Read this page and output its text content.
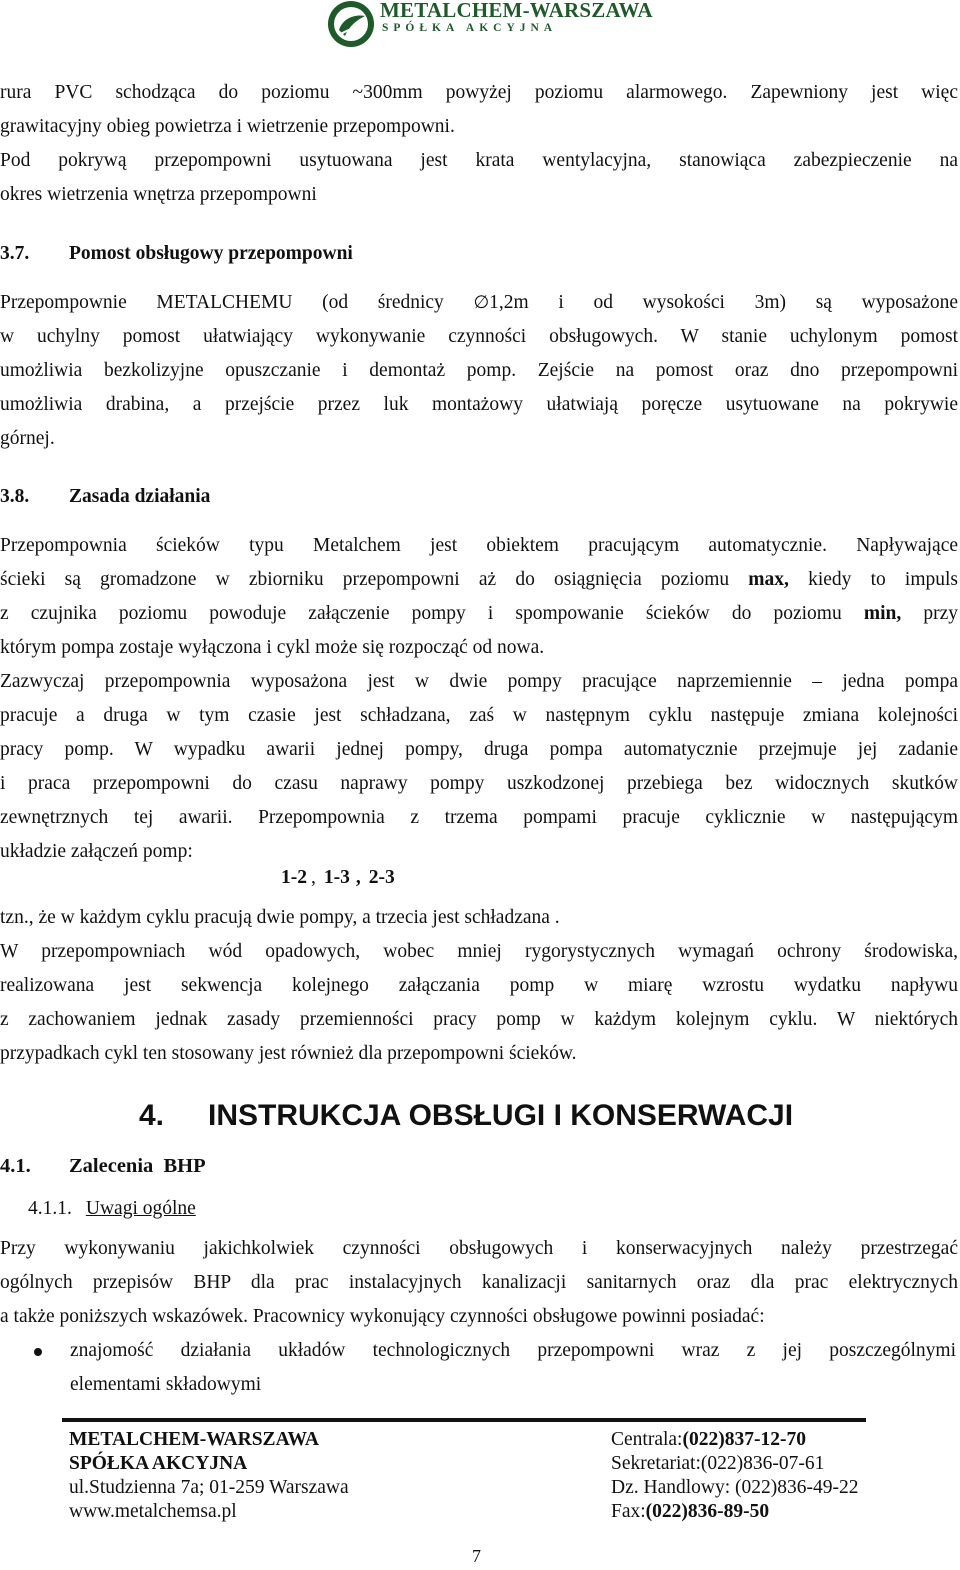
METALCHEM-WARSZAWA
SPÓŁKA AKCYJNA

rura PVC schodząca do poziomu ~300mm powyżej poziomu alarmowego. Zapewniony jest więc

grawitacyjny obieg powietrza i wietrzenie przepompowni.

Pod pokrywą przepompowni usytuowana jest krata wentylacyjna, stanowiąca zabezpieczenie na

okres wietrzenia wnętrza przepompowni

3.7. Pomost obsługowy przepompowni

Przepompownie METALCHEMU (od średnicy ∅1,2m i od wysokości 3m) są wyposażone

w uchylny pomost ułatwiający wykonywanie czynności obsługowych. W stanie uchylonym pomost

umożliwia bezkolizyjne opuszczanie i demontaż pomp. Zejście na pomost oraz dno przepompowni

umożliwia drabina, a przejście przez luk montażowy ułatwiają poręcze usytuowane na pokrywie

górnej.

3.8. Zasada działania

Przepompownia ścieków typu Metalchem jest obiektem pracującym automatycznie. Napływające

ścieki są gromadzone w zbiorniku przepompowni aż do osiągnięcia poziomu max, kiedy to impuls

z czujnika poziomu powoduje załączenie pompy i spompowanie ścieków do poziomu min, przy

którym pompa zostaje wyłączona i cykl może się rozpocząć od nowa.

Zazwyczaj przepompownia wyposażona jest w dwie pompy pracujące naprzemiennie – jedna pompa

pracuje a druga w tym czasie jest schładzana, zaś w następnym cyklu następuje zmiana kolejności

pracy pomp. W wypadku awarii jednej pompy, druga pompa automatycznie przejmuje jej zadanie

i praca przepompowni do czasu naprawy pompy uszkodzonej przebiega bez widocznych skutków

zewnętrznych tej awarii. Przepompownia z trzema pompami pracuje cyklicznie w następującym

układzie załączeń pomp:

1-2 , 1-3 , 2-3

tzn., że w każdym cyklu pracują dwie pompy, a trzecia jest schładzana .

W przepompowniach wód opadowych, wobec mniej rygorystycznych wymagań ochrony środowiska,

realizowana jest sekwencja kolejnego załączania pomp w miarę wzrostu wydatku napływu

z zachowaniem jednak zasady przemienności pracy pomp w każdym kolejnym cyklu. W niektórych

przypadkach cykl ten stosowany jest również dla przepompowni ścieków.

4. INSTRUKCJA OBSŁUGI I KONSERWACJI
4.1. Zalecenia  BHP
4.1.1. Uwagi ogólne

Przy wykonywaniu jakichkolwiek czynności obsługowych i konserwacyjnych należy przestrzegać

ogólnych przepisów BHP dla prac instalacyjnych kanalizacji sanitarnych oraz dla prac elektrycznych

a także poniższych wskazówek. Pracownicy wykonujący czynności obsługowe powinni posiadać:

znajomość działania układów technologicznych przepompowni wraz z jej poszczególnymi

elementami składowymi

METALCHEM-WARSZAWA
SPÓŁKA AKCYJNA
ul.Studzienna 7a; 01-259 Warszawa
www.metalchemsa.pl
Centrala:(022)837-12-70
Sekretariat:(022)836-07-61
Dz. Handlowy: (022)836-49-22
Fax:(022)836-89-50
7
